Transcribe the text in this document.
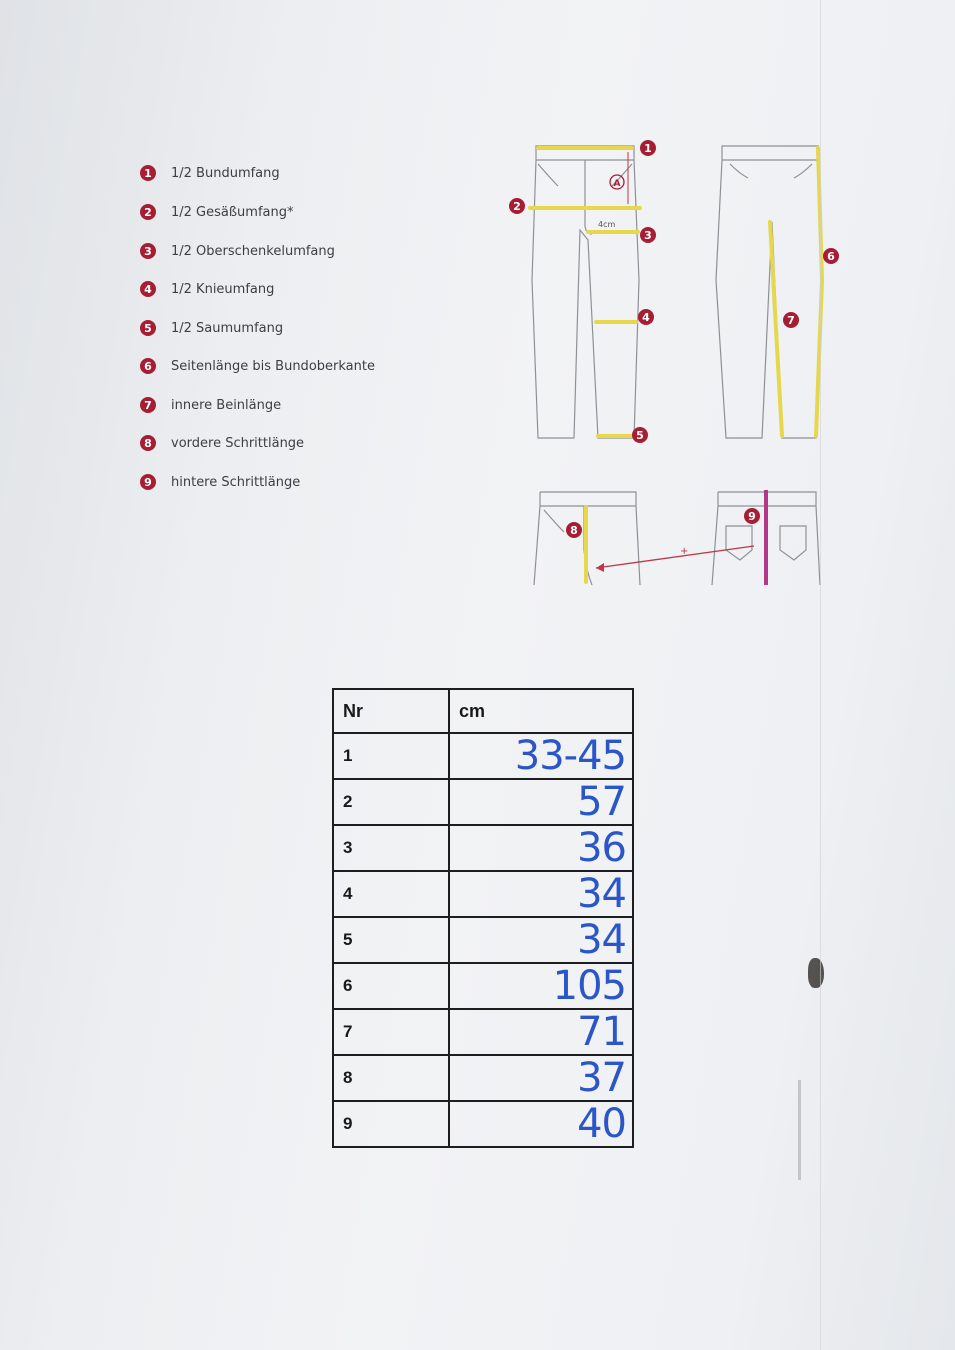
1	1/2 Bundumfang
2	1/2 Gesäßumfang*
3	1/2 Oberschenkelumfang
4	1/2 Knieumfang
5	1/2 Saumumfang
6	Seitenlänge bis Bundoberkante
7	innere Beinlänge
8	vordere Schrittlänge
9	hintere Schrittlänge
4cm
+
1
2
3
4
5
6
7
8
9
A
Nr	cm
1	33-45
2	57
3	36
4	34
5	34
6	105
7	71
8	37
9	40
